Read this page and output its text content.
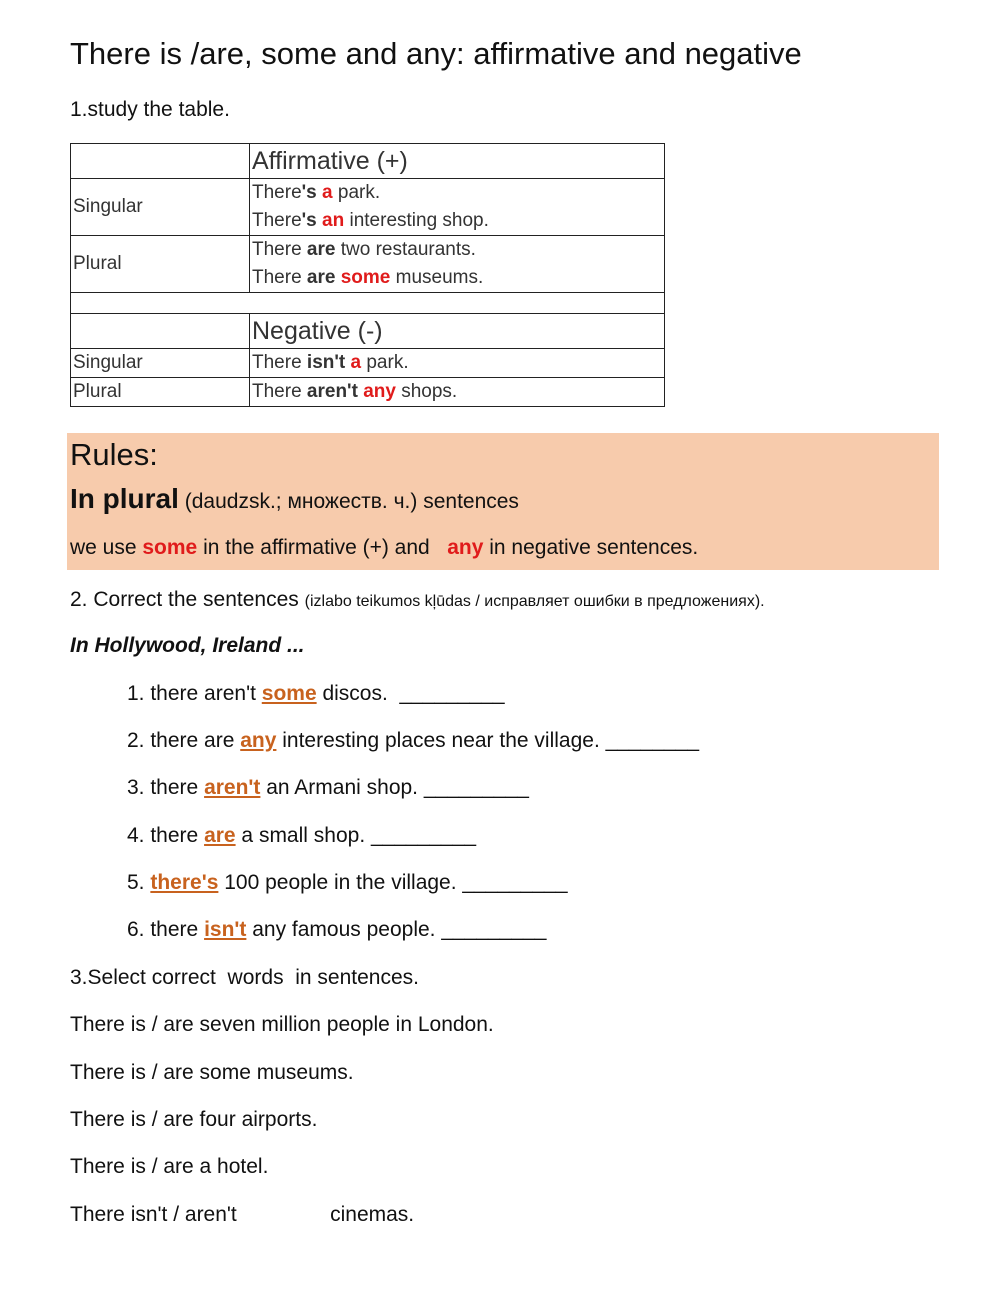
There is /are, some and any: affirmative and negative
1.study the table.
	Affirmative (+)
Singular	There's a park.
There's an interesting shop.

Plural	There are two restaurants.
There are some museums.

	Negative (-)
Singular	There isn't a park.
Plural	There aren't any shops.
Rules:
In plural (daudzsk.; множеств. ч.) sentences
we use some in the affirmative (+) and   any in negative sentences.
2. Correct the sentences (izlabo teikumos kļūdas / исправляет ошибки в предложениях).
In Hollywood, Ireland ...
1. there aren't some discos.  _________
2. there are any interesting places near the village. ________
3. there aren't an Armani shop. _________
4. there are a small shop. _________
5. there's 100 people in the village. _________
6. there isn't any famous people. _________
3.Select correct  words  in sentences.
There is / are seven million people in London.
There is / are some museums.
There is / are four airports.
There is / are a hotel.
There isn't / aren't                cinemas.
